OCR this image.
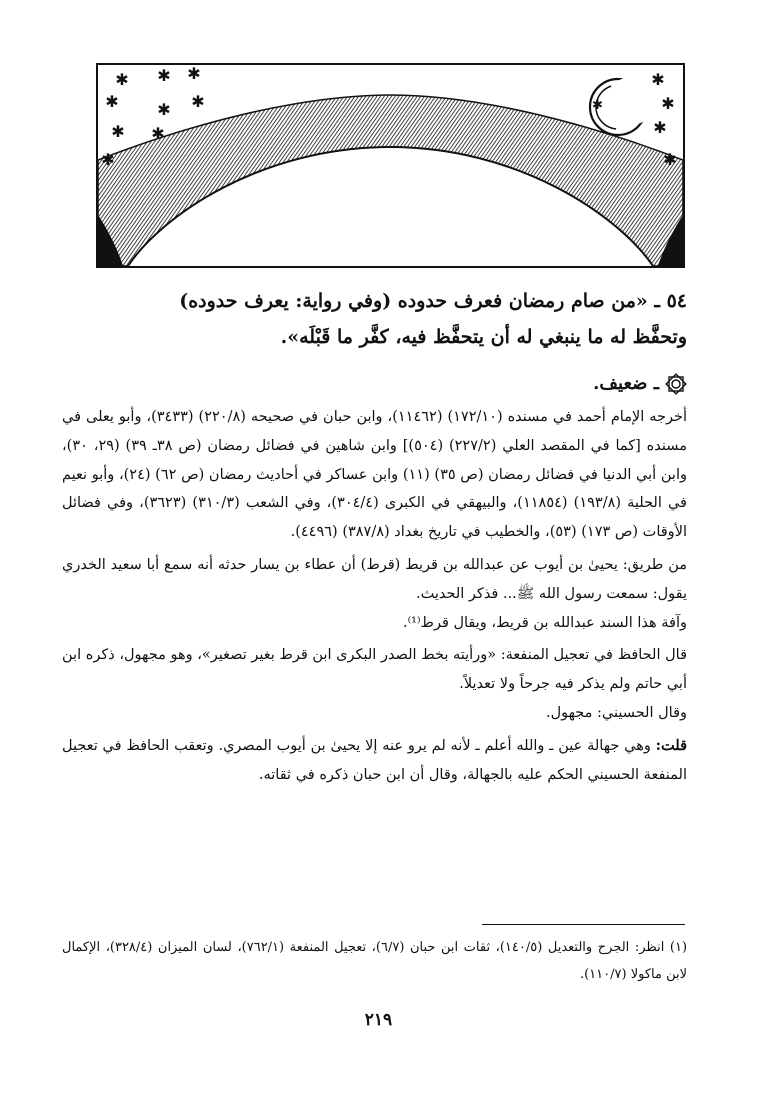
✱ ✱ ✱
✱	✱
✱
✱ ✱
✱
✱
✱
✱
✱
✱
٥٤ ـ «من صام رمضان فعرف حدوده (وفي رواية: يعرف حدوده)
وتحفَّظ له ما ينبغي له أن يتحفَّظ فيه، كفَّر ما قَبْلَه».
ـ ضعيف.

أخرجه الإمام أحمد في مسنده (١٧٢/١٠) (١١٤٦٢)، وابن حبان في صحيحه (٢٢٠/٨) (٣٤٣٣)، وأبو يعلى في مسنده [كما في المقصد العلي (٢٢٧/٢) (٥٠٤)] وابن شاهين في فضائل رمضان (ص ٣٨ـ ٣٩) (٢٩، ٣٠)، وابن أبي الدنيا في فضائل رمضان (ص ٣٥) (١١) وابن عساكر في أحاديث رمضان (ص ٦٢) (٢٤)، وأبو نعيم في الحلية (١٩٣/٨) (١١٨٥٤)، والبيهقي في الكبرى (٣٠٤/٤)، وفي الشعب (٣١٠/٣) (٣٦٢٣)، وفي فضائل الأوقات (ص ١٧٣) (٥٣)، والخطيب في تاريخ بغداد (٣٨٧/٨) (٤٤٩٦).

من طريق: يحيىٰ بن أيوب عن عبدالله بن قريط (قرط) أن عطاء بن يسار حدثه أنه سمع أبا سعيد الخدري يقول: سمعت رسول الله ﷺ... فذكر الحديث.

وآفة هذا السند عبدالله بن قريط، ويقال قرط⁽¹⁾.

قال الحافظ في تعجيل المنفعة: «ورأيته بخط الصدر البكرى ابن قرط بغير تصغير»، وهو مجهول، ذكره ابن أبي حاتم ولم يذكر فيه جرحاً ولا تعديلاً.

وقال الحسيني: مجهول.

قلت: وهي جهالة عين ـ والله أعلم ـ لأنه لم يرو عنه إلا يحيىٰ بن أيوب المصري. وتعقب الحافظ في تعجيل المنفعة الحسيني الحكم عليه بالجهالة، وقال أن ابن حبان ذكره في ثقاته.

(١) انظر: الجرح والتعديل (١٤٠/٥)، ثقات ابن حبان (٦/٧)، تعجيل المنفعة (٧٦٢/١)، لسان الميزان (٣٢٨/٤)، الإكمال لابن ماكولا (١١٠/٧).

٢١٩
